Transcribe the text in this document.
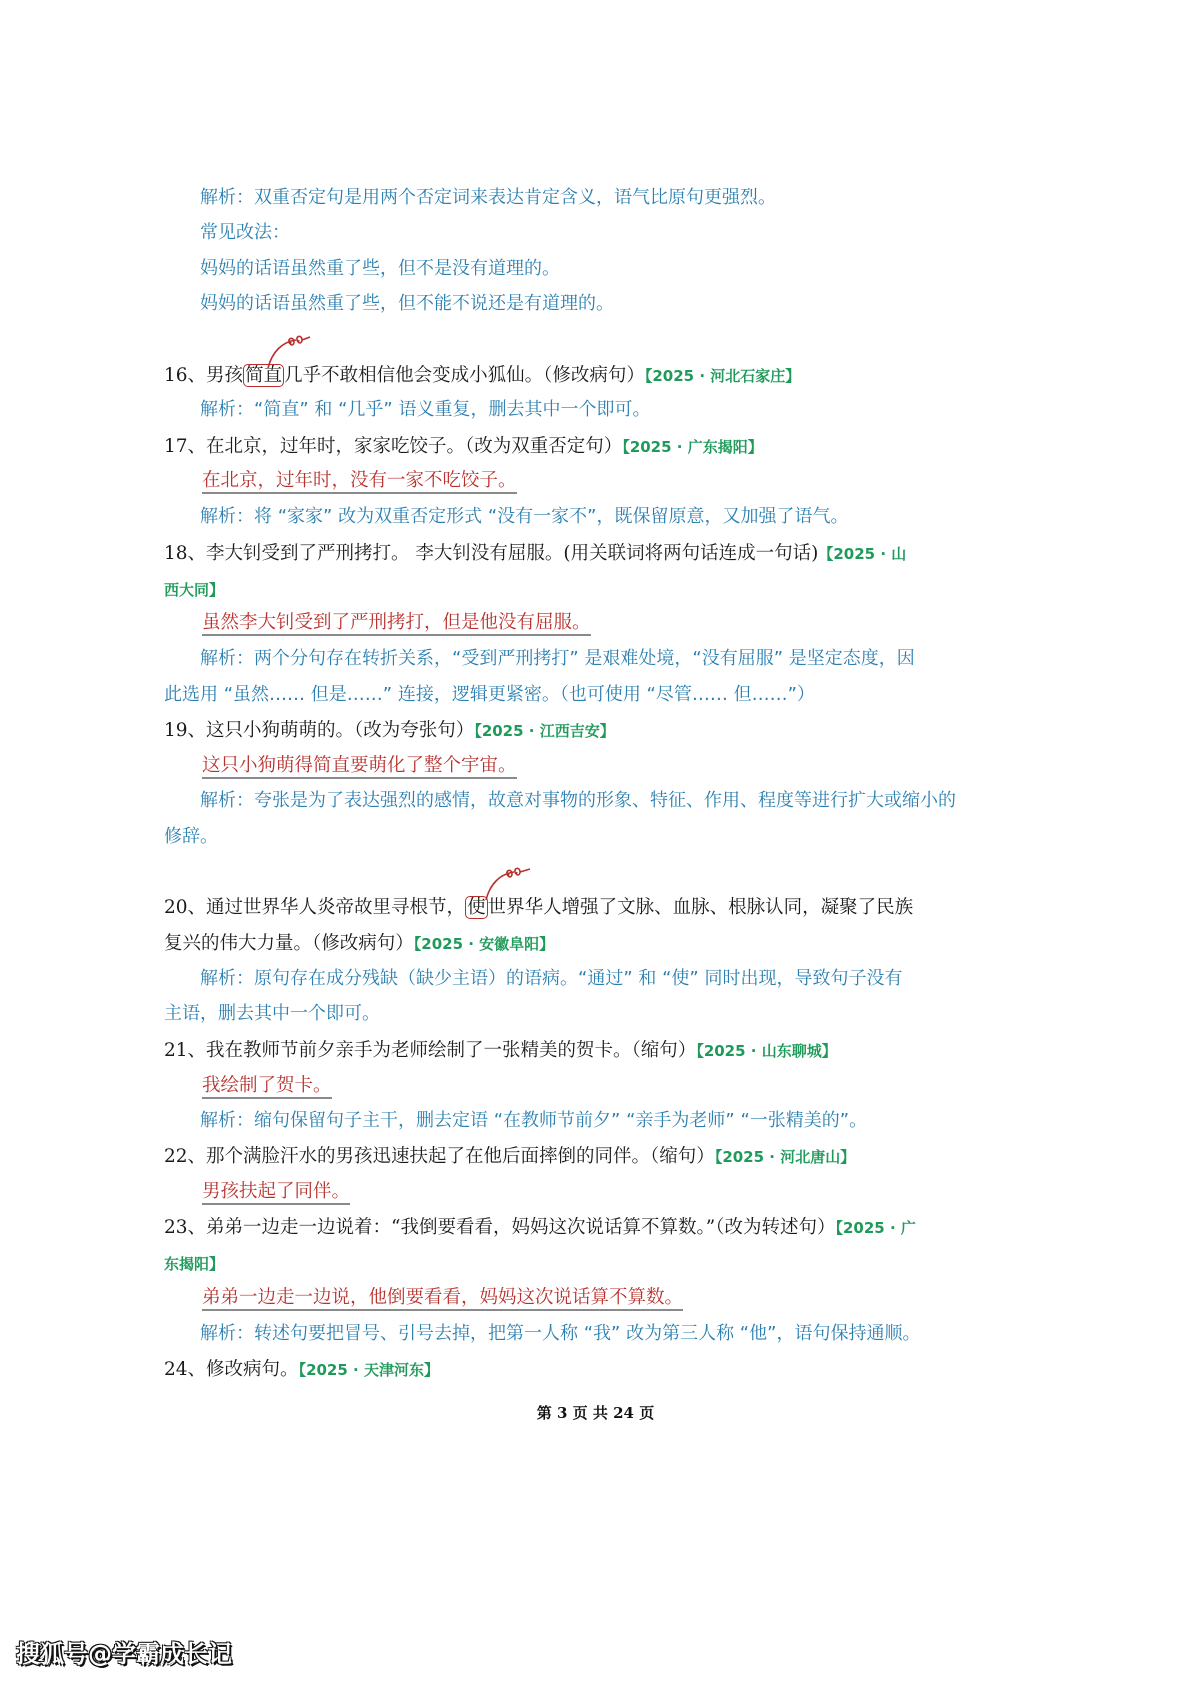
解析：双重否定句是用两个否定词来表达肯定含义，语气比原句更强烈。
常见改法：
妈妈的话语虽然重了些，但不是没有道理的。
妈妈的话语虽然重了些，但不能不说还是有道理的。
16、男孩 简直 几乎不敢相信他会变成小狐仙。（修改病句）【2025 · 河北石家庄】
解析：“简直” 和 “几乎” 语义重复，删去其中一个即可。
17、在北京，过年时，家家吃饺子。（改为双重否定句）【2025 · 广东揭阳】
在北京，过年时，没有一家不吃饺子。
解析：将 “家家” 改为双重否定形式 “没有一家不”，既保留原意，又加强了语气。
18、李大钊受到了严刑拷打。 李大钊没有屈服。(用关联词将两句话连成一句话)【2025 · 山
西大同】
虽然李大钊受到了严刑拷打，但是他没有屈服。
解析：两个分句存在转折关系，“受到严刑拷打” 是艰难处境，“没有屈服” 是坚定态度，因
此选用 “虽然…… 但是……” 连接，逻辑更紧密。（也可使用 “尽管…… 但……”）
19、这只小狗萌萌的。（改为夸张句）【2025 · 江西吉安】
这只小狗萌得简直要萌化了整个宇宙。
解析：夸张是为了表达强烈的感情，故意对事物的形象、特征、作用、程度等进行扩大或缩小的
修辞。
20、通过世界华人炎帝故里寻根节， 使 世界华人增强了文脉、血脉、根脉认同，凝聚了民族
复兴的伟大力量。（修改病句）【2025 · 安徽阜阳】
解析：原句存在成分残缺（缺少主语）的语病。“通过” 和 “使” 同时出现，导致句子没有
主语，删去其中一个即可。
21、我在教师节前夕亲手为老师绘制了一张精美的贺卡。（缩句）【2025 · 山东聊城】
我绘制了贺卡。
解析：缩句保留句子主干，删去定语 “在教师节前夕” “亲手为老师” “一张精美的”。
22、那个满脸汗水的男孩迅速扶起了在他后面摔倒的同伴。（缩句）【2025 · 河北唐山】
男孩扶起了同伴。
23、弟弟一边走一边说着：“我倒要看看，妈妈这次说话算不算数。”（改为转述句）【2025 · 广
东揭阳】
弟弟一边走一边说，他倒要看看，妈妈这次说话算不算数。
解析：转述句要把冒号、引号去掉，把第一人称 “我” 改为第三人称 “他”，语句保持通顺。
24、修改病句。【2025 · 天津河东】
第 3 页 共 24 页
搜狐号@学霸成长记
